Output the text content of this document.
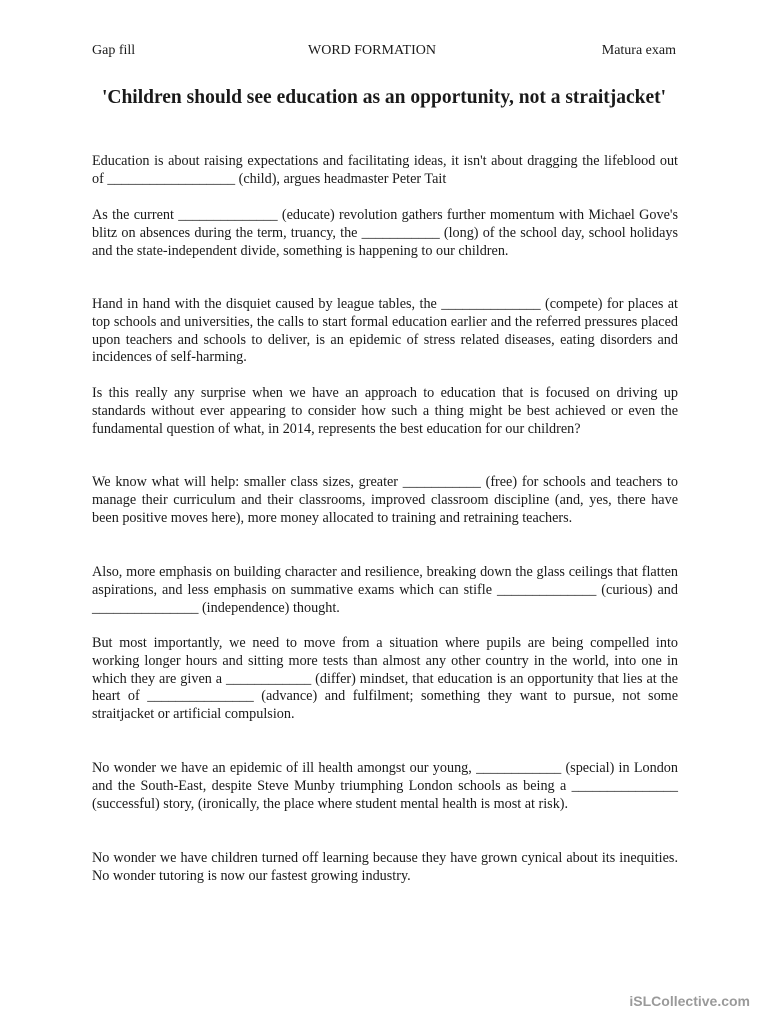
Gap fill	WORD FORMATION	Matura exam
'Children should see education as an opportunity, not a straitjacket'

Education is about raising expectations and facilitating ideas, it isn't about dragging the lifeblood out of __________________ (child), argues headmaster Peter Tait

As the current ______________ (educate) revolution gathers further momentum with Michael Gove's blitz on absences during the term, truancy, the ___________ (long) of the school day, school holidays and the state-independent divide, something is happening to our children.

Hand in hand with the disquiet caused by league tables, the ______________ (compete) for places at top schools and universities, the calls to start formal education earlier and the referred pressures placed upon teachers and schools to deliver, is an epidemic of stress related diseases, eating disorders and incidences of self-harming.

Is this really any surprise when we have an approach to education that is focused on driving up standards without ever appearing to consider how such a thing might be best achieved or even the fundamental question of what, in 2014, represents the best education for our children?

We know what will help: smaller class sizes, greater ___________ (free) for schools and teachers to manage their curriculum and their classrooms, improved classroom discipline (and, yes, there have been positive moves here), more money allocated to training and retraining teachers.

Also, more emphasis on building character and resilience, breaking down the glass ceilings that flatten aspirations, and less emphasis on summative exams which can stifle ______________ (curious) and _______________ (independence) thought.

But most importantly, we need to move from a situation where pupils are being compelled into working longer hours and sitting more tests than almost any other country in the world, into one in which they are given a ____________ (differ) mindset, that education is an opportunity that lies at the heart of _______________ (advance) and fulfilment; something they want to pursue, not some straitjacket or artificial compulsion.

No wonder we have an epidemic of ill health amongst our young, ____________ (special) in London and the South-East, despite Steve Munby triumphing London schools as being a _______________ (successful) story, (ironically, the place where student mental health is most at risk).

No wonder we have children turned off learning because they have grown cynical about its inequities. No wonder tutoring is now our fastest growing industry.

iSLCollective.com
